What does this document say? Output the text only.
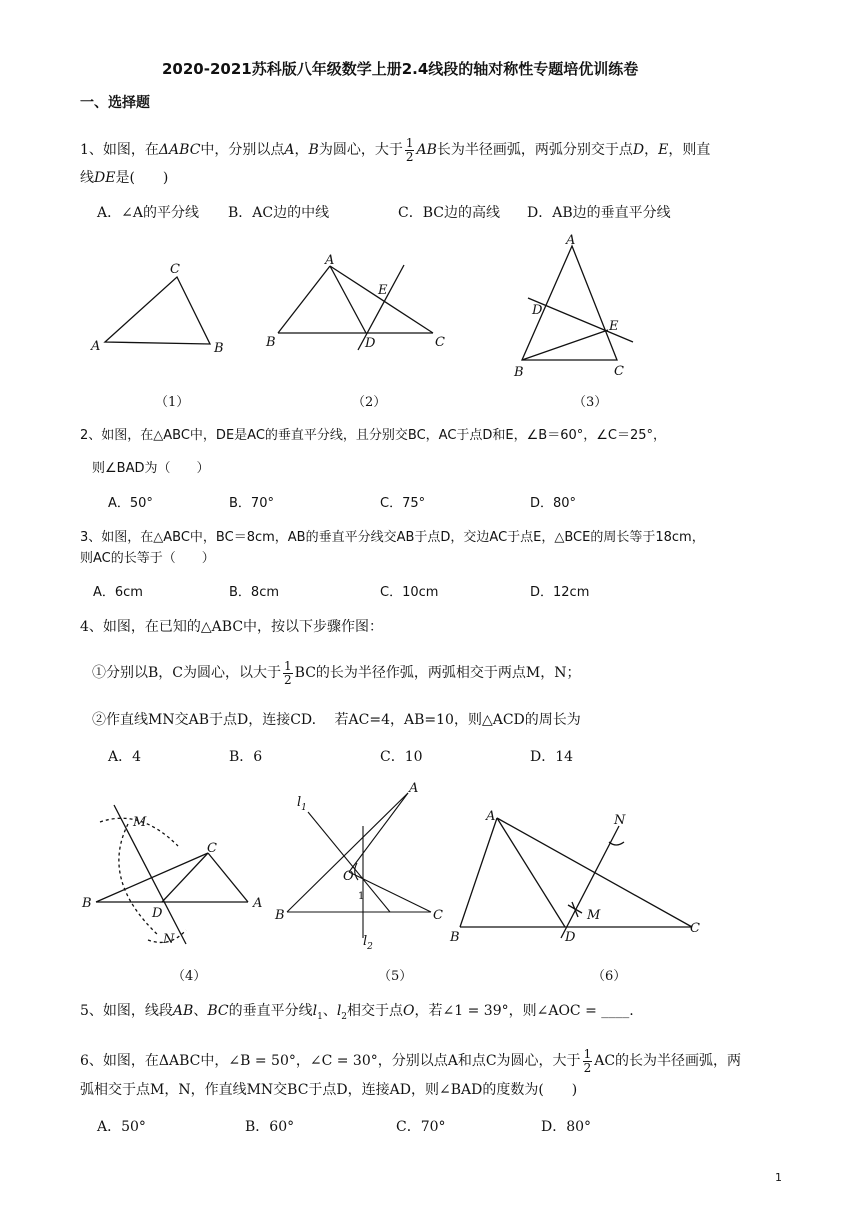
2020-2021苏科版八年级数学上册2.4线段的轴对称性专题培优训练卷
一、选择题
1、如图，在ΔABC中，分别以点A，B为圆心，大于 $\frac{1}{2}$ AB长为半径画弧，两弧分别交于点D，E，则直
线DE是(　　)
A．∠A的平分线 B．AC边的中线	C．BC边的高线 D．AB边的垂直平分线
A	B
C
（1）
A
B	C
D
E
（2）
A
B	C
D
E
（3）
2、如图，在△ABC中，DE是AC的垂直平分线，且分别交BC，AC于点D和E，∠B＝60°，∠C＝25°，
则∠BAD为（　　）
A．50°	B．70°	C．75°	D．80°
3、如图，在△ABC中，BC＝8cm，AB的垂直平分线交AB于点D，交边AC于点E，△BCE的周长等于18cm，
则AC的长等于（　　）
A．6cm	B．8cm	C．10cm	D．12cm
4、如图，在已知的△ABC中，按以下步骤作图：
①分别以B，C为圆心，以大于 $\frac{1}{2}$ BC的长为半径作弧，两弧相交于两点M，N；
②作直线MN交AB于点D，连接CD.　 若AC=4，AB=10，则△ACD的周长为
A．4	B．6	C．10	D．14
M
C
B
D
A
N
（4）
$l_1$
A
O
1
B	C
$l_2$
（5）
A	N
M
B	D
C
（6）
5、如图，线段AB、BC的垂直平分线$l_1$、$l_2$相交于点O，若∠1 = 39°，则∠AOC = ____.
6、如图，在ΔABC中，∠B = 50°，∠C = 30°，分别以点A和点C为圆心，大于 $\frac{1}{2}$ AC的长为半径画弧，两
弧相交于点M，N，作直线MN交BC于点D，连接AD，则∠BAD的度数为(　　)
A．50°	B．60°	C．70°	D．80°
1
